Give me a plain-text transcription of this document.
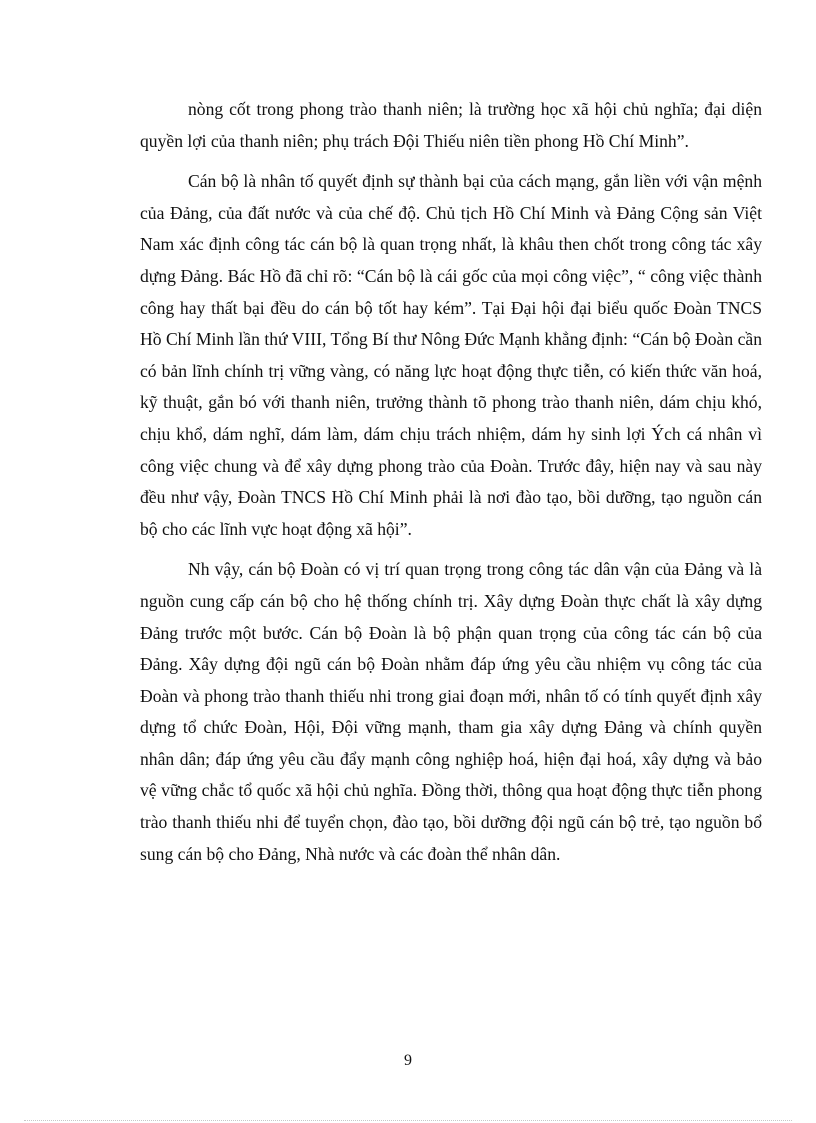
nòng cốt trong phong trào thanh niên; là trường học xã hội chủ nghĩa; đại diện quyền lợi của thanh niên; phụ trách Đội Thiếu niên tiền phong Hồ Chí Minh”.

Cán bộ là nhân tố quyết định sự thành bại của cách mạng, gắn liền với vận mệnh của Đảng, của đất nước và của chế độ. Chủ tịch Hồ Chí Minh và Đảng Cộng sản Việt Nam xác định công tác cán bộ là quan trọng nhất, là khâu then chốt trong công tác xây dựng Đảng. Bác Hồ đã chỉ rõ: “Cán bộ là cái gốc của mọi công việc”, “ công việc thành công hay thất bại đều do cán bộ tốt hay kém”. Tại Đại hội đại biểu quốc Đoàn TNCS Hồ Chí Minh lần thứ VIII, Tổng Bí thư Nông Đức Mạnh khẳng định: “Cán bộ Đoàn cần có bản lĩnh chính trị vững vàng, có năng lực hoạt động thực tiễn, có kiến thức văn hoá, kỹ thuật, gắn bó với thanh niên, trưởng thành tõ phong trào thanh niên, dám chịu khó, chịu khổ, dám nghĩ, dám làm, dám chịu trách nhiệm, dám hy sinh lợi Ých cá nhân vì công việc chung và để xây dựng phong trào của Đoàn. Trước đây, hiện nay và sau này đều như vậy, Đoàn TNCS Hồ Chí Minh phải là nơi đào tạo, bồi dưỡng, tạo nguồn cán bộ cho các lĩnh vực hoạt động xã hội”.

Nh vậy, cán bộ Đoàn có vị trí quan trọng trong công tác dân vận của Đảng và là nguồn cung cấp cán bộ cho hệ thống chính trị. Xây dựng Đoàn thực chất là xây dựng Đảng trước một bước. Cán bộ Đoàn là bộ phận quan trọng của công tác cán bộ của Đảng. Xây dựng đội ngũ cán bộ Đoàn nhằm đáp ứng yêu cầu nhiệm vụ công tác của Đoàn và phong trào thanh thiếu nhi trong giai đoạn mới, nhân tố có tính quyết định xây dựng tổ chức Đoàn, Hội, Đội vững mạnh, tham gia xây dựng Đảng và chính quyền nhân dân; đáp ứng yêu cầu đẩy mạnh công nghiệp hoá, hiện đại hoá, xây dựng và bảo vệ vững chắc tổ quốc xã hội chủ nghĩa. Đồng thời, thông qua hoạt động thực tiễn phong trào thanh thiếu nhi để tuyển chọn, đào tạo, bồi dưỡng đội ngũ cán bộ trẻ, tạo nguồn bổ sung cán bộ cho Đảng, Nhà nước và các đoàn thể nhân dân.

9
